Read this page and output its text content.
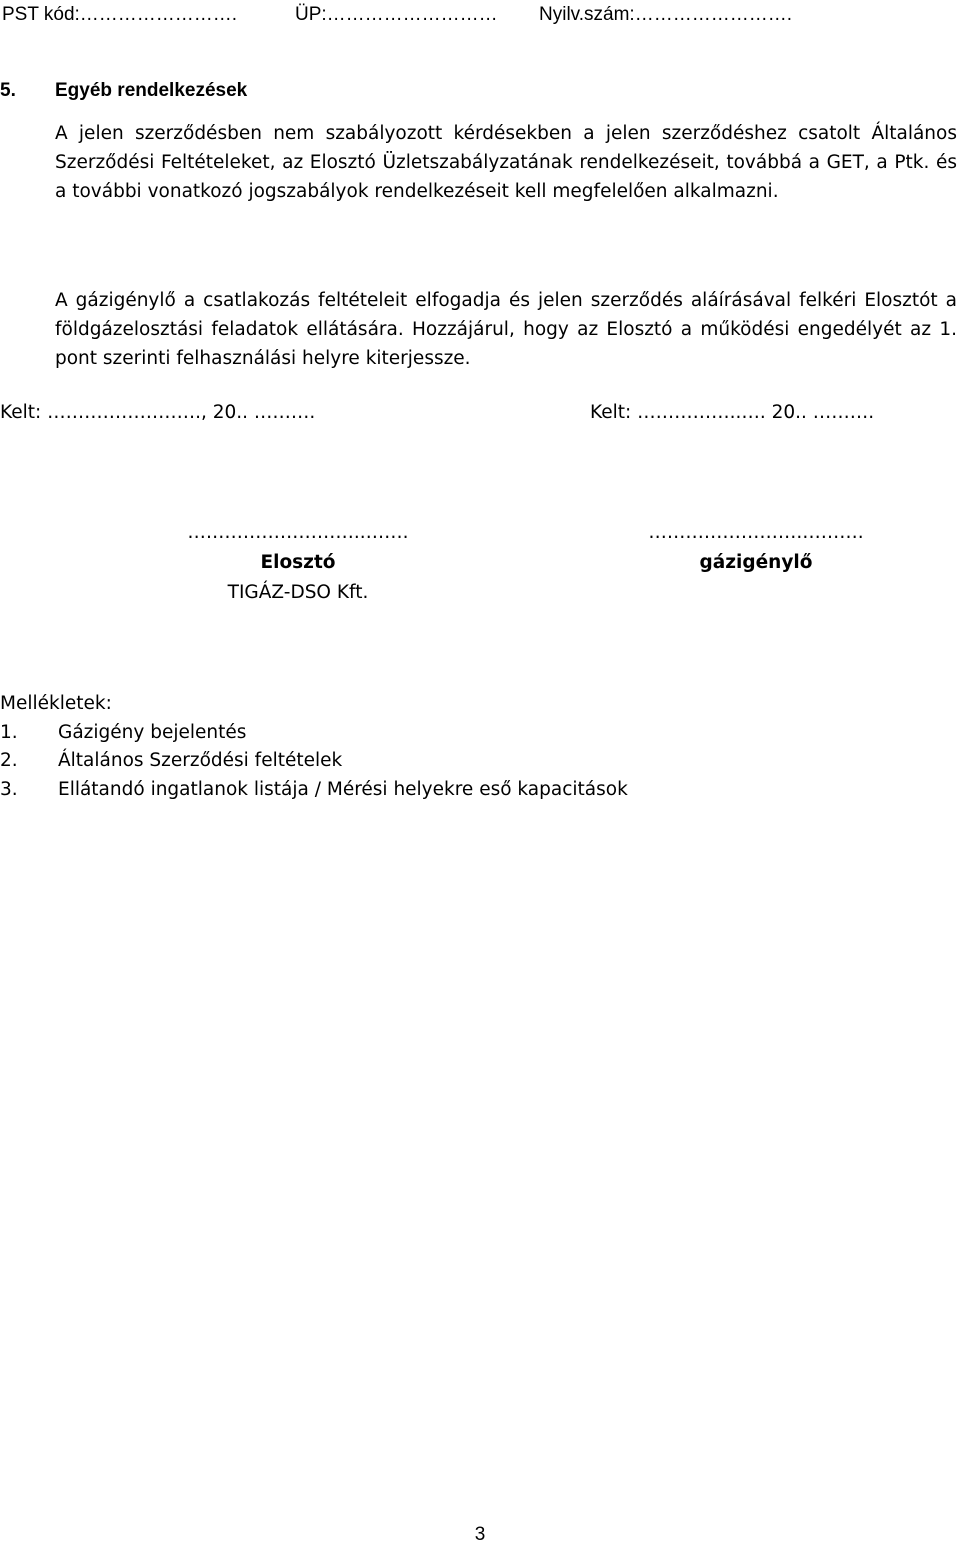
PST kód:…………………….	ÜP:……………………… Nyilv.szám:…………………….
5. Egyéb rendelkezések

A jelen szerződésben nem szabályozott kérdésekben a jelen szerződéshez csatolt Általános Szerződési Feltételeket, az Elosztó Üzletszabályzatának rendelkezéseit, továbbá a GET, a Ptk. és a további vonatkozó jogszabályok rendelkezéseit kell megfelelően alkalmazni.

A gázigénylő a csatlakozás feltételeit elfogadja és jelen szerződés aláírásával felkéri Elosztót a földgázelosztási feladatok ellátására. Hozzájárul, hogy az Elosztó a működési engedélyét az 1. pont szerinti felhasználási helyre kiterjessze.

Kelt: ……………………., 20.. ……….	Kelt: ……………..…. 20.. ……….
………………………..…….
Elosztó
TIGÁZ-DSO Kft.
…………………….……….
gázigénylő
Mellékletek:
1.	Gázigény bejelentés
2.	Általános Szerződési feltételek
3.	Ellátandó ingatlanok listája / Mérési helyekre eső kapacitások
3
